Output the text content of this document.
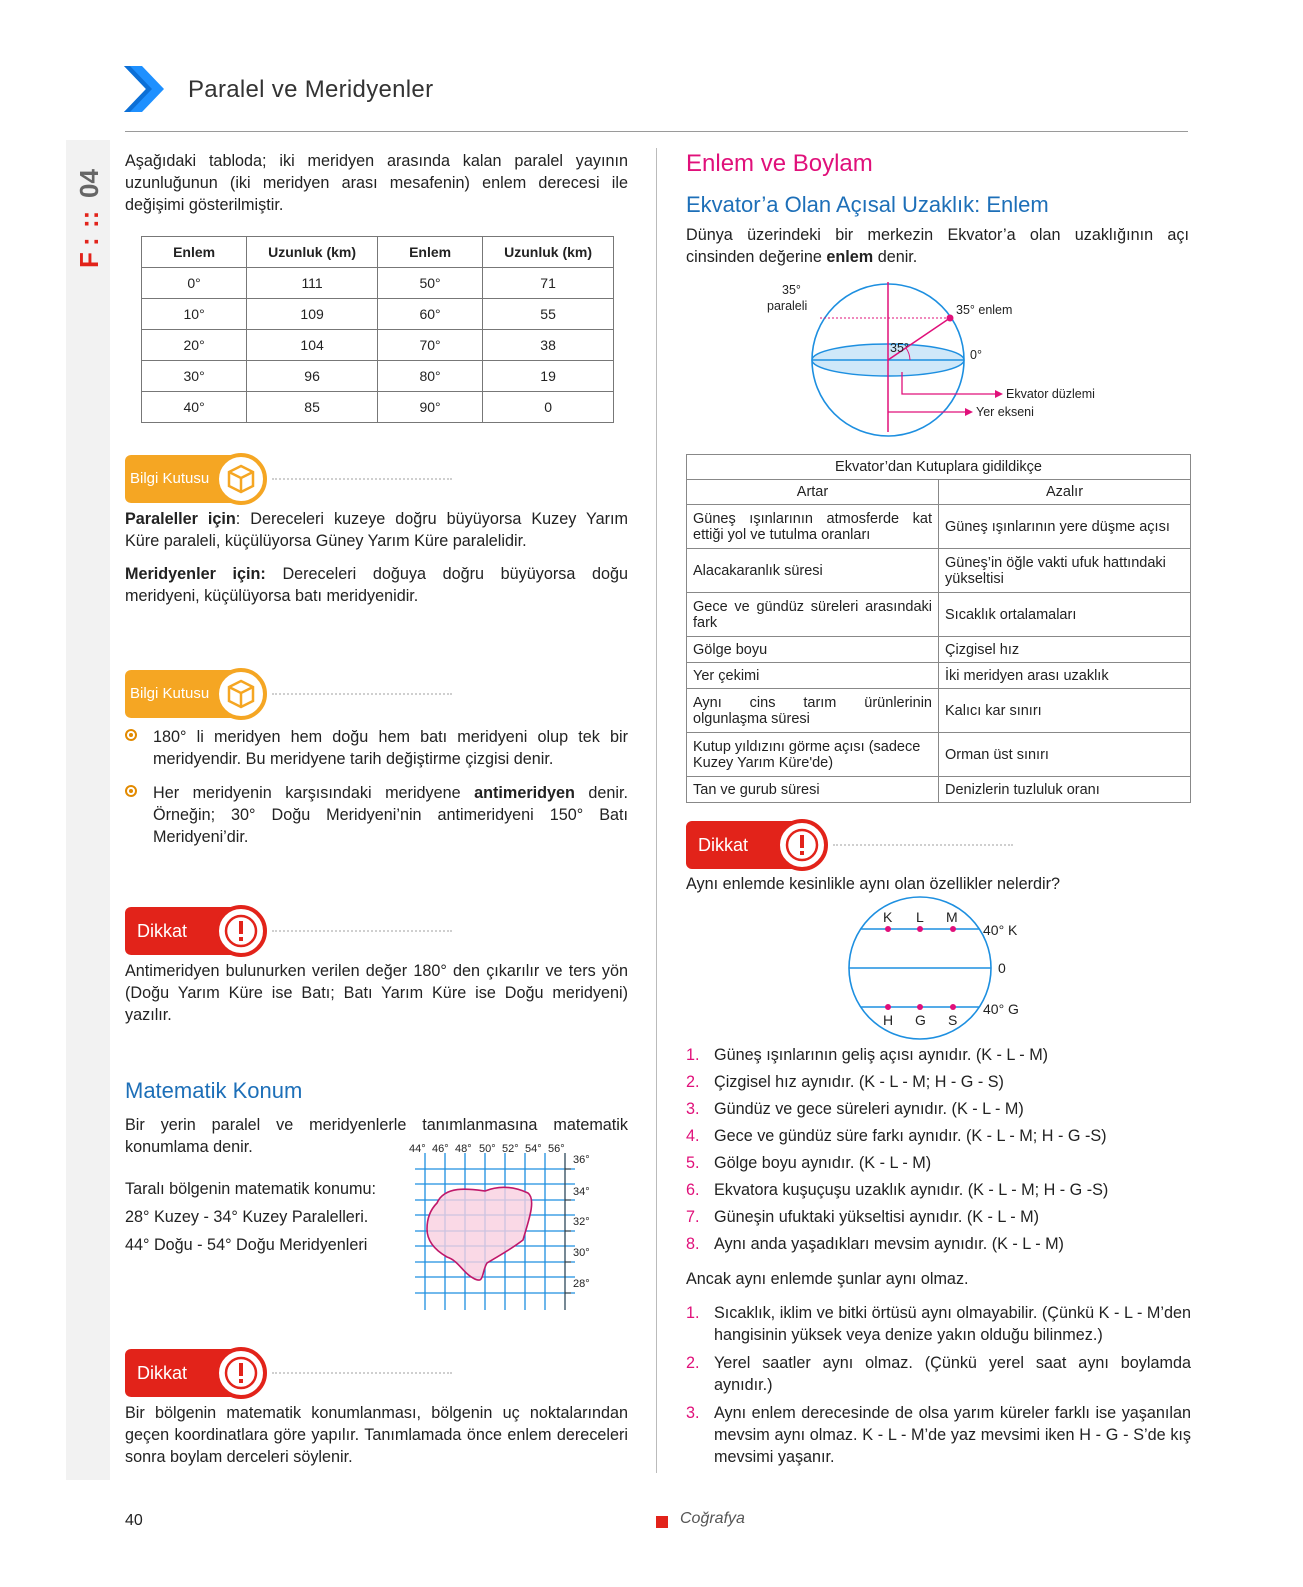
Paralel ve Meridyenler
F
:
::
04

Aşağıdaki tabloda; iki meridyen arasında kalan paralel yayının uzunluğunun (iki meridyen arası mesafenin) enlem derecesi ile değişimi gösterilmiştir.

Enlem	Uzunluk (km)	Enlem	Uzunluk (km)
0°	111	50°	71
10°	109	60°	55
20°	104	70°	38
30°	96	80°	19
40°	85	90°	0
Bilgi Kutusu

Paraleller için: Dereceleri kuzeye doğru büyüyorsa Kuzey Yarım Küre paraleli, küçülüyorsa Güney Yarım Küre paralelidir.

Meridyenler için: Dereceleri doğuya doğru büyüyorsa doğu meridyeni, küçülüyorsa batı meridyenidir.

Bilgi Kutusu

180° li meridyen hem doğu hem batı meridyeni olup tek bir meridyendir. Bu meridyene tarih değiştirme çizgisi denir.

Her meridyenin karşısındaki meridyene antimeridyen denir. Örneğin; 30° Doğu Meridyeni’nin antimeridyeni 150° Batı Meridyeni’dir.

Dikkat

Antimeridyen bulunurken verilen değer 180° den çıkarılır ve ters yön (Doğu Yarım Küre ise Batı; Batı Yarım Küre ise Doğu meridyeni) yazılır.

Matematik Konum

Bir yerin paralel ve meridyenlerle tanımlanmasına matematik konumlama denir.

Taralı bölgenin matematik konumu:
28° Kuzey - 34° Kuzey Paralelleri.
44° Doğu - 54° Doğu Meridyenleri
44° 46° 48° 50° 52° 54° 56°
36°
34°
32°
30°
28°
Dikkat

Bir bölgenin matematik konumlanması, bölgenin uç noktalarından geçen koordinatlara göre yapılır. Tanımlamada önce enlem dereceleri sonra boylam derceleri söylenir.

Enlem ve Boylam
Ekvator’a Olan Açısal Uzaklık: Enlem

Dünya üzerindeki bir merkezin Ekvator’a olan uzaklığının açı cinsinden değerine enlem denir.

35°
paraleli	35° enlem
35°	0°
Ekvator düzlemi
Yer ekseni
Ekvator’dan Kutuplara gidildikçe	
Artar	Azalır
Güneş ışınlarının atmosferde kat ettiği yol ve tutulma oranları	Güneş ışınlarının yere düşme açısı
Alacakaranlık süresi	Güneş’in öğle vakti ufuk hattındaki yükseltisi
Gece ve gündüz süreleri arasındaki fark	Sıcaklık ortalamaları
Gölge boyu	Çizgisel hız
Yer çekimi	İki meridyen arası uzaklık
Aynı cins tarım ürünlerinin olgunlaşma süresi	Kalıcı kar sınırı
Kutup yıldızını görme açısı (sadece Kuzey Yarım Küre'de)	Orman üst sınırı
Tan ve gurub süresi	Denizlerin tuzluluk oranı
Dikkat
Aynı enlemde kesinlikle aynı olan özellikler nelerdir?
K L M
H G S
40° K
0
40° G
1. Güneş ışınlarının geliş açısı aynıdır. (K - L - M)
2. Çizgisel hız aynıdır. (K - L - M; H - G - S)
3. Gündüz ve gece süreleri aynıdır. (K - L - M)
4. Gece ve gündüz süre farkı aynıdır. (K - L - M; H - G -S)
5. Gölge boyu aynıdır. (K - L - M)
6. Ekvatora kuşuçuşu uzaklık aynıdır. (K - L - M; H - G -S)
7. Güneşin ufuktaki yükseltisi aynıdır. (K - L - M)
8. Aynı anda yaşadıkları mevsim aynıdır. (K - L - M)
Ancak aynı enlemde şunlar aynı olmaz.
1. Sıcaklık, iklim ve bitki örtüsü aynı olmayabilir. (Çünkü K - L - M’den hangisinin yüksek veya denize yakın olduğu bilinmez.)
2. Yerel saatler aynı olmaz. (Çünkü yerel saat aynı boylamda aynıdır.)
3. Aynı enlem derecesinde de olsa yarım küreler farklı ise yaşanılan mevsim aynı olmaz. K - L - M’de yaz mevsimi iken H - G - S’de kış mevsimi yaşanır.
40	Coğrafya
